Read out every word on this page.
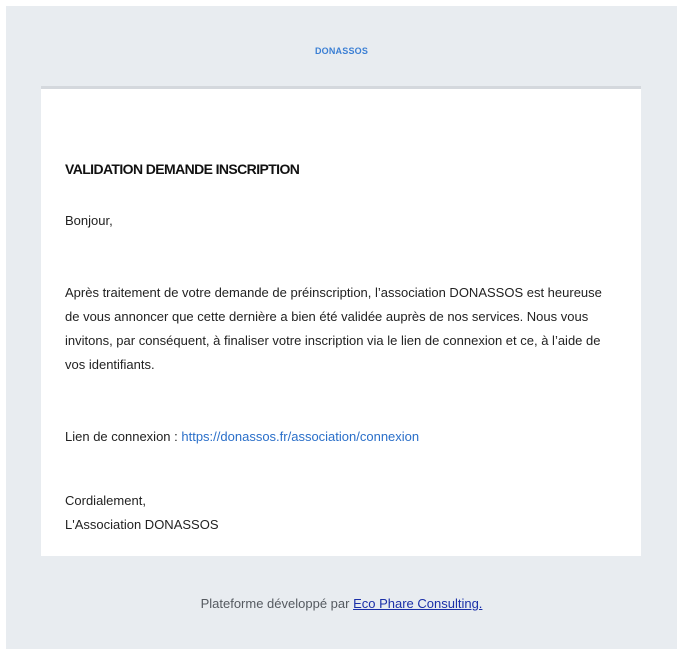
DONASSOS
VALIDATION DEMANDE INSCRIPTION
Bonjour,
Après traitement de votre demande de préinscription, l’association DONASSOS est heureuse de vous annoncer que cette dernière a bien été validée auprès de nos services. Nous vous invitons, par conséquent, à finaliser votre inscription via le lien de connexion et ce, à l’aide de vos identifiants.
Lien de connexion : https://donassos.fr/association/connexion
Cordialement,
L'Association DONASSOS
Plateforme développé par Eco Phare Consulting.
